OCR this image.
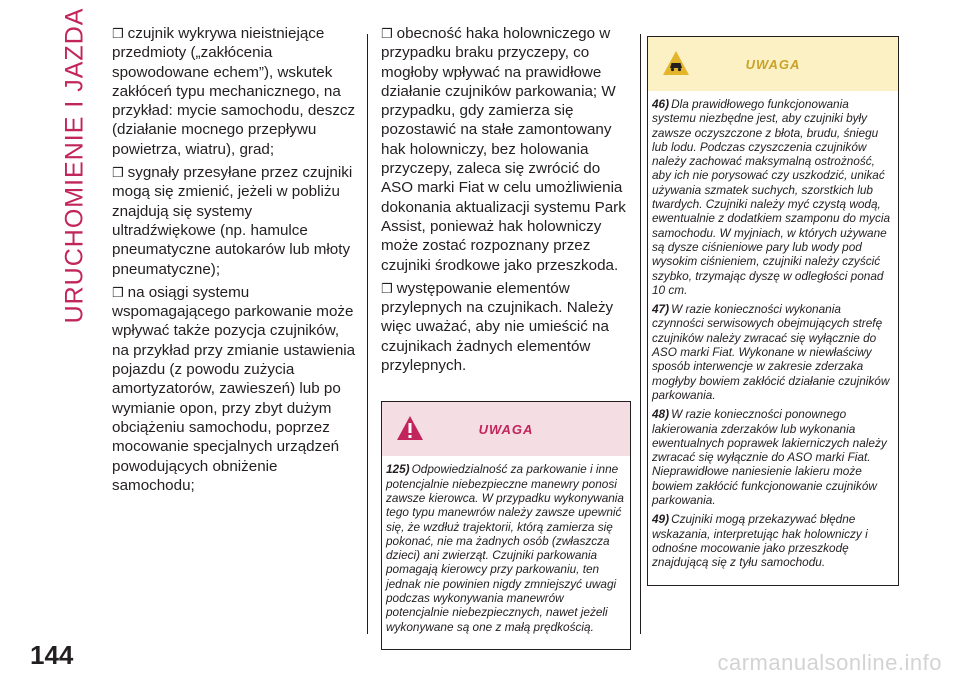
URUCHOMIENIE I JAZDA
144

❒ czujnik wykrywa nieistniejące przedmioty („zakłócenia spowodowane echem”), wskutek zakłóceń typu mechanicznego, na przykład: mycie samochodu, deszcz (działanie mocnego przepływu powietrza, wiatru), grad;

❒ sygnały przesyłane przez czujniki mogą się zmienić, jeżeli w pobliżu znajdują się systemy ultradźwiękowe (np. hamulce pneumatyczne autokarów lub młoty pneumatyczne);

❒ na osiągi systemu wspomagającego parkowanie może wpływać także pozycja czujników, na przykład przy zmianie ustawienia pojazdu (z powodu zużycia amortyzatorów, zawieszeń) lub po wymianie opon, przy zbyt dużym obciążeniu samochodu, poprzez mocowanie specjalnych urządzeń powodujących obniżenie samochodu;

❒ obecność haka holowniczego w przypadku braku przyczepy, co mogłoby wpływać na prawidłowe działanie czujników parkowania; W przypadku, gdy zamierza się pozostawić na stałe zamontowany hak holowniczy, bez holowania przyczepy, zaleca się zwrócić do ASO marki Fiat w celu umożliwienia dokonania aktualizacji systemu Park Assist, ponieważ hak holowniczy może zostać rozpoznany przez czujniki środkowe jako przeszkoda.

❒ występowanie elementów przylepnych na czujnikach. Należy więc uważać, aby nie umieścić na czujnikach żadnych elementów przylepnych.

UWAGA

125) Odpowiedzialność za parkowanie i inne potencjalnie niebezpieczne manewry ponosi zawsze kierowca. W przypadku wykonywania tego typu manewrów należy zawsze upewnić się, że wzdłuż trajektorii, którą zamierza się pokonać, nie ma żadnych osób (zwłaszcza dzieci) ani zwierząt. Czujniki parkowania pomagają kierowcy przy parkowaniu, ten jednak nie powinien nigdy zmniejszyć uwagi podczas wykonywania manewrów potencjalnie niebezpiecznych, nawet jeżeli wykonywane są one z małą prędkością.

UWAGA

46) Dla prawidłowego funkcjonowania systemu niezbędne jest, aby czujniki były zawsze oczyszczone z błota, brudu, śniegu lub lodu. Podczas czyszczenia czujników należy zachować maksymalną ostrożność, aby ich nie porysować czy uszkodzić, unikać używania szmatek suchych, szorstkich lub twardych. Czujniki należy myć czystą wodą, ewentualnie z dodatkiem szamponu do mycia samochodu. W myjniach, w których używane są dysze ciśnieniowe pary lub wody pod wysokim ciśnieniem, czujniki należy czyścić szybko, trzymając dyszę w odległości ponad 10 cm.

47) W razie konieczności wykonania czynności serwisowych obejmujących strefę czujników należy zwracać się wyłącznie do ASO marki Fiat. Wykonane w niewłaściwy sposób interwencje w zakresie zderzaka mogłyby bowiem zakłócić działanie czujników parkowania.

48) W razie konieczności ponownego lakierowania zderzaków lub wykonania ewentualnych poprawek lakierniczych należy zwracać się wyłącznie do ASO marki Fiat. Nieprawidłowe naniesienie lakieru może bowiem zakłócić funkcjonowanie czujników parkowania.

49) Czujniki mogą przekazywać błędne wskazania, interpretując hak holowniczy i odnośne mocowanie jako przeszkodę znajdującą się z tyłu samochodu.

carmanualsonline.info
